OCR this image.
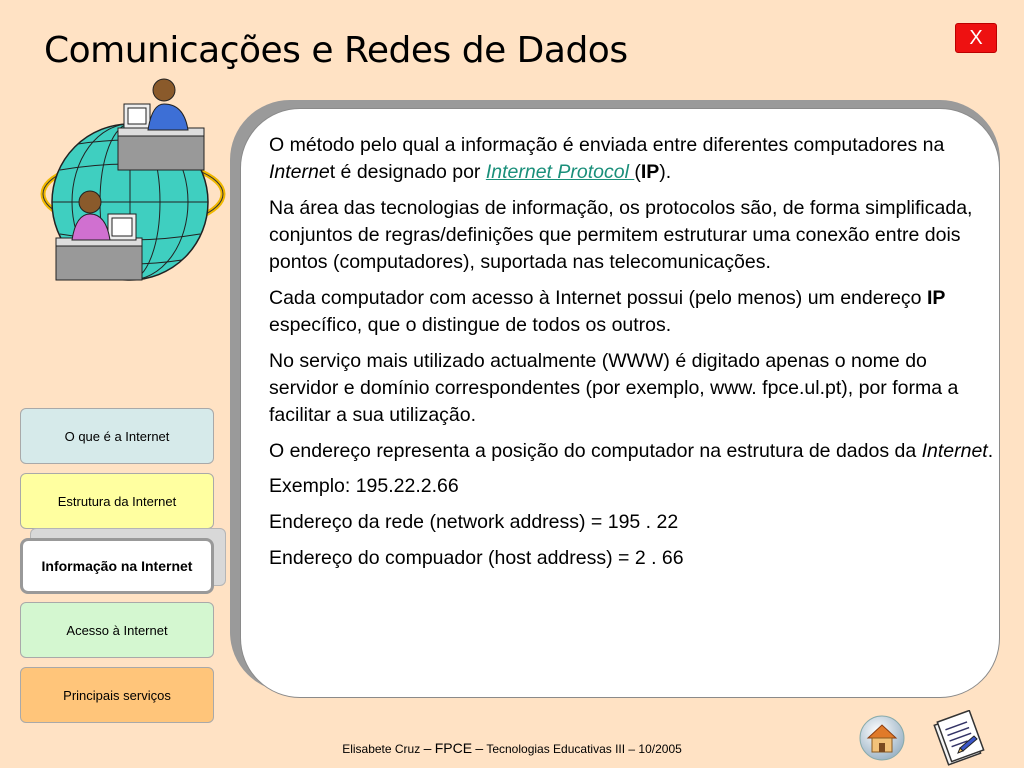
Comunicações e Redes de Dados	X

O método pelo qual a informação é enviada entre diferentes computadores na Internet é designado por Internet Protocol (IP).

Na área das tecnologias de informação, os protocolos são, de forma simplificada, conjuntos de regras/definições que permitem estruturar uma conexão entre dois pontos (computadores), suportada nas telecomunicações.

Cada computador com acesso à Internet possui (pelo menos) um endereço IP específico, que o distingue de todos os outros.

No serviço mais utilizado actualmente (WWW) é digitado apenas o nome do servidor e domínio correspondentes (por exemplo, www. fpce.ul.pt), por forma a facilitar a sua utilização.

O endereço representa a posição do computador na estrutura de dados da Internet.

Exemplo: 195.22.2.66

Endereço da rede (network address) = 195 . 22

Endereço do compuador (host address) = 2 . 66

O que é a Internet
Estrutura da Internet
Informação na Internet
Acesso à Internet
Principais serviços
Elisabete Cruz – FPCE – Tecnologias Educativas III – 10/2005
